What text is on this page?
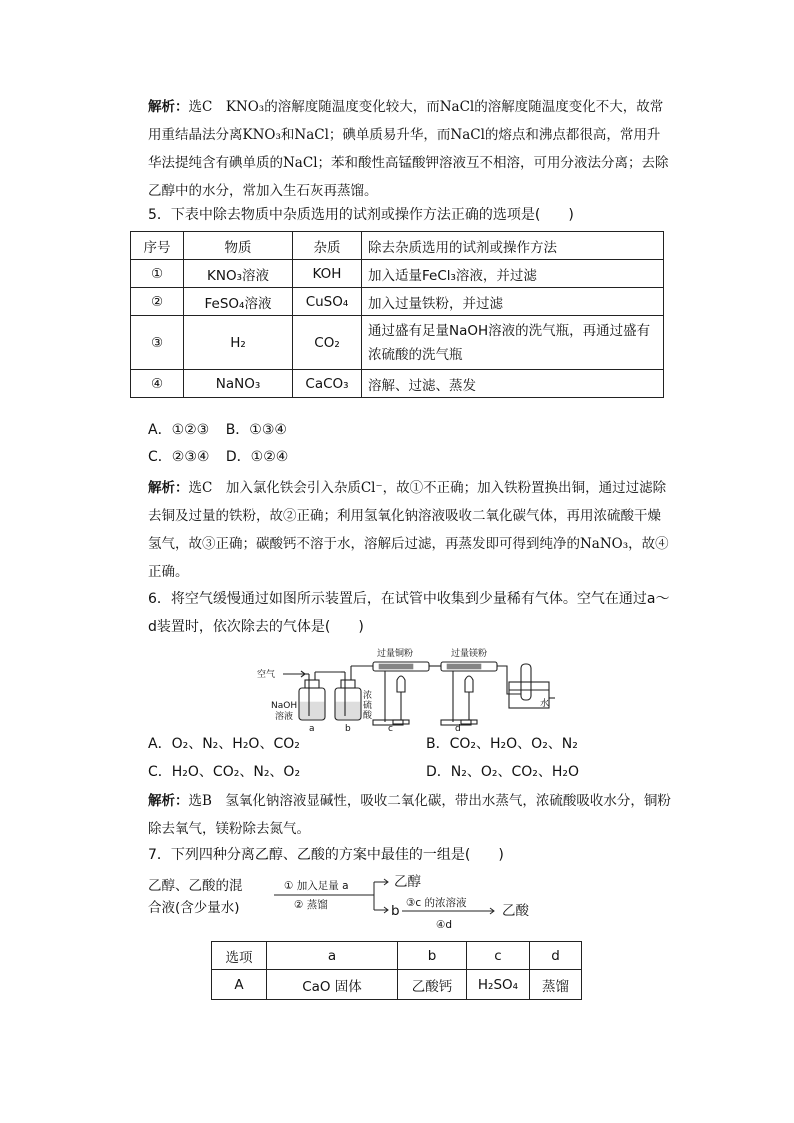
解析：选C　KNO₃的溶解度随温度变化较大，而NaCl的溶解度随温度变化不大，故常用重结晶法分离KNO₃和NaCl；碘单质易升华，而NaCl的熔点和沸点都很高，常用升华法提纯含有碘单质的NaCl；苯和酸性高锰酸钾溶液互不相溶，可用分液法分离；去除乙醇中的水分，常加入生石灰再蒸馏。
5．下表中除去物质中杂质选用的试剂或操作方法正确的选项是(　　)
序号	物质	杂质	除去杂质选用的试剂或操作方法
①	KNO₃溶液	KOH	加入适量FeCl₃溶液，并过滤
②	FeSO₄溶液	CuSO₄	加入过量铁粉，并过滤
③	H₂	CO₂	通过盛有足量NaOH溶液的洗气瓶，再通过盛有浓硫酸的洗气瓶
④	NaNO₃	CaCO₃	溶解、过滤、蒸发
A．①②③ B．①③④
C．②③④ D．①②④
解析：选C　加入氯化铁会引入杂质Cl⁻，故①不正确；加入铁粉置换出铜，通过过滤除去铜及过量的铁粉，故②正确；利用氢氧化钠溶液吸收二氧化碳气体，再用浓硫酸干燥氢气，故③正确；碳酸钙不溶于水，溶解后过滤，再蒸发即可得到纯净的NaNO₃，故④正确。
6．将空气缓慢通过如图所示装置后，在试管中收集到少量稀有气体。空气在通过a～d装置时，依次除去的气体是(　　)
空气
NaOH
溶液
浓
硫
酸
过量铜粉	过量镁粉
水
a	b	c	d
A．O₂、N₂、H₂O、CO₂	B．CO₂、H₂O、O₂、N₂
C．H₂O、CO₂、N₂、O₂	D．N₂、O₂、CO₂、H₂O
解析：选B　氢氧化钠溶液显碱性，吸收二氧化碳，带出水蒸气，浓硫酸吸收水分，铜粉除去氧气，镁粉除去氮气。
7．下列四种分离乙醇、乙酸的方案中最佳的一组是(　　)
乙醇、乙酸的混
合液(含少量水)
乙醇
b	乙酸
① 加入足量 a
② 蒸馏	③c 的浓溶液
④d
选项	a	b	c	d
A	CaO 固体	乙酸钙	H₂SO₄	蒸馏
